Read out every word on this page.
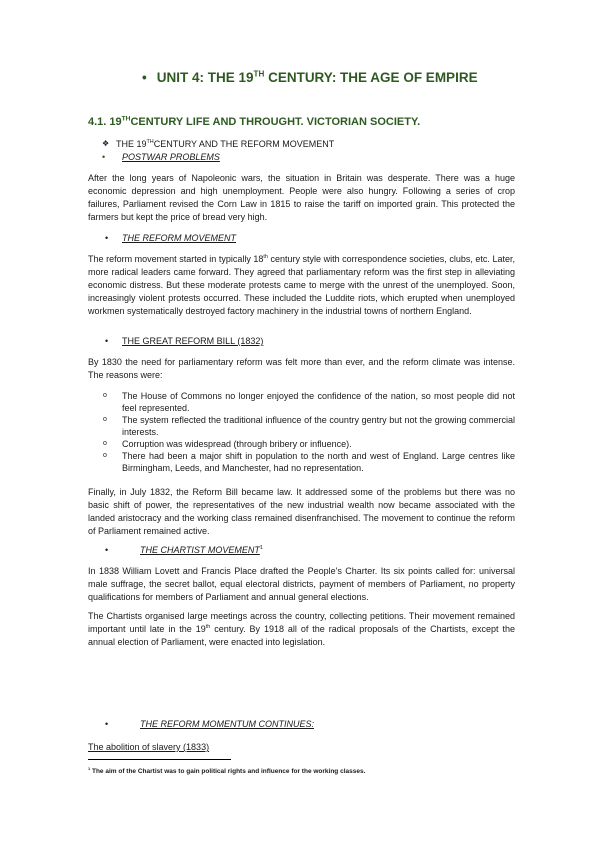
• UNIT 4: THE 19TH CENTURY: THE AGE OF EMPIRE
4.1. 19THCENTURY LIFE AND THROUGHT. VICTORIAN SOCIETY.
❖ THE 19THCENTURY AND THE REFORM MOVEMENT
• POSTWAR PROBLEMS

After the long years of Napoleonic wars, the situation in Britain was desperate. There was a huge economic depression and high unemployment. People were also hungry. Following a series of crop failures, Parliament revised the Corn Law in 1815 to raise the tariff on imported grain. This protected the farmers but kept the price of bread very high.

• THE REFORM MOVEMENT

The reform movement started in typically 18th century style with correspondence societies, clubs, etc. Later, more radical leaders came forward. They agreed that parliamentary reform was the first step in alleviating economic distress. But these moderate protests came to merge with the unrest of the unemployed. Soon, increasingly violent protests occurred. These included the Luddite riots, which erupted when unemployed workmen systematically destroyed factory machinery in the industrial towns of northern England.

• THE GREAT REFORM BILL (1832)

By 1830 the need for parliamentary reform was felt more than ever, and the reform climate was intense. The reasons were:

o The House of Commons no longer enjoyed the confidence of the nation, so most people did not feel represented.
o The system reflected the traditional influence of the country gentry but not the growing commercial interests.
o Corruption was widespread (through bribery or influence).
o There had been a major shift in population to the north and west of England. Large centres like Birmingham, Leeds, and Manchester, had no representation.

Finally, in July 1832, the Reform Bill became law. It addressed some of the problems but there was no basic shift of power, the representatives of the new industrial wealth now became associated with the landed aristocracy and the working class remained disenfranchised. The movement to continue the reform of Parliament remained active.

•	THE CHARTIST MOVEMENT$^1$

In 1838 William Lovett and Francis Place drafted the People's Charter. Its six points called for: universal male suffrage, the secret ballot, equal electoral districts, payment of members of Parliament, no property qualifications for members of Parliament and annual general elections.

The Chartists organised large meetings across the country, collecting petitions. Their movement remained important until late in the 19th century. By 1918 all of the radical proposals of the Chartists, except the annual election of Parliament, were enacted into legislation.

•	THE REFORM MOMENTUM CONTINUES:
The abolition of slavery (1833)
$^1$ The aim of the Chartist was to gain political rights and influence for the working classes.
